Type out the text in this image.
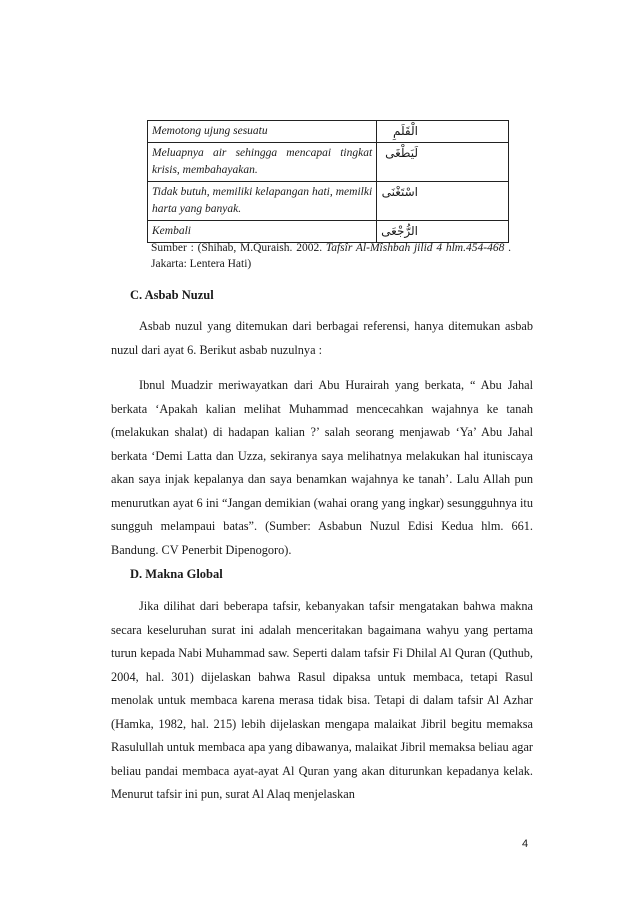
Memotong ujung sesuatu	الْقَلَمِ
Meluapnya air sehingga mencapai tingkat krisis, membahayakan.	لَيَطْغَى
Tidak butuh, memiliki kelapangan hati, memilki harta yang banyak.	اسْتَغْنَى
Kembali	الرُّجْعَى
Sumber : (Shihab, M.Quraish. 2002. Tafsîr Al-Mîshbah jilid 4 hlm.454-468 . Jakarta: Lentera Hati)
C. Asbab Nuzul
Asbab nuzul yang ditemukan dari berbagai referensi, hanya ditemukan asbab nuzul dari ayat 6. Berikut asbab nuzulnya :
Ibnul Muadzir meriwayatkan dari Abu Hurairah yang berkata, “ Abu Jahal berkata ‘Apakah kalian melihat Muhammad mencecahkan wajahnya ke tanah (melakukan shalat) di hadapan kalian ?’ salah seorang menjawab ‘Ya’ Abu Jahal berkata ‘Demi Latta dan Uzza, sekiranya saya melihatnya melakukan hal ituniscaya akan saya injak kepalanya dan saya benamkan wajahnya ke tanah’. Lalu Allah pun menurutkan ayat 6 ini “Jangan demikian (wahai orang yang ingkar) sesungguhnya itu sungguh melampaui batas”. (Sumber: Asbabun Nuzul Edisi Kedua hlm. 661. Bandung. CV Penerbit Dipenogoro).
D. Makna Global
Jika dilihat dari beberapa tafsir, kebanyakan tafsir mengatakan bahwa makna secara keseluruhan surat ini adalah menceritakan bagaimana wahyu yang pertama turun kepada Nabi Muhammad saw. Seperti dalam tafsir Fi Dhilal Al Quran (Quthub, 2004, hal. 301) dijelaskan bahwa Rasul dipaksa untuk membaca, tetapi Rasul menolak untuk membaca karena merasa tidak bisa. Tetapi di dalam tafsir Al Azhar (Hamka, 1982, hal. 215) lebih dijelaskan mengapa malaikat Jibril begitu memaksa Rasulullah untuk membaca apa yang dibawanya, malaikat Jibril memaksa beliau agar beliau pandai membaca ayat-ayat Al Quran yang akan diturunkan kepadanya kelak. Menurut tafsir ini pun, surat Al Alaq menjelaskan
4
